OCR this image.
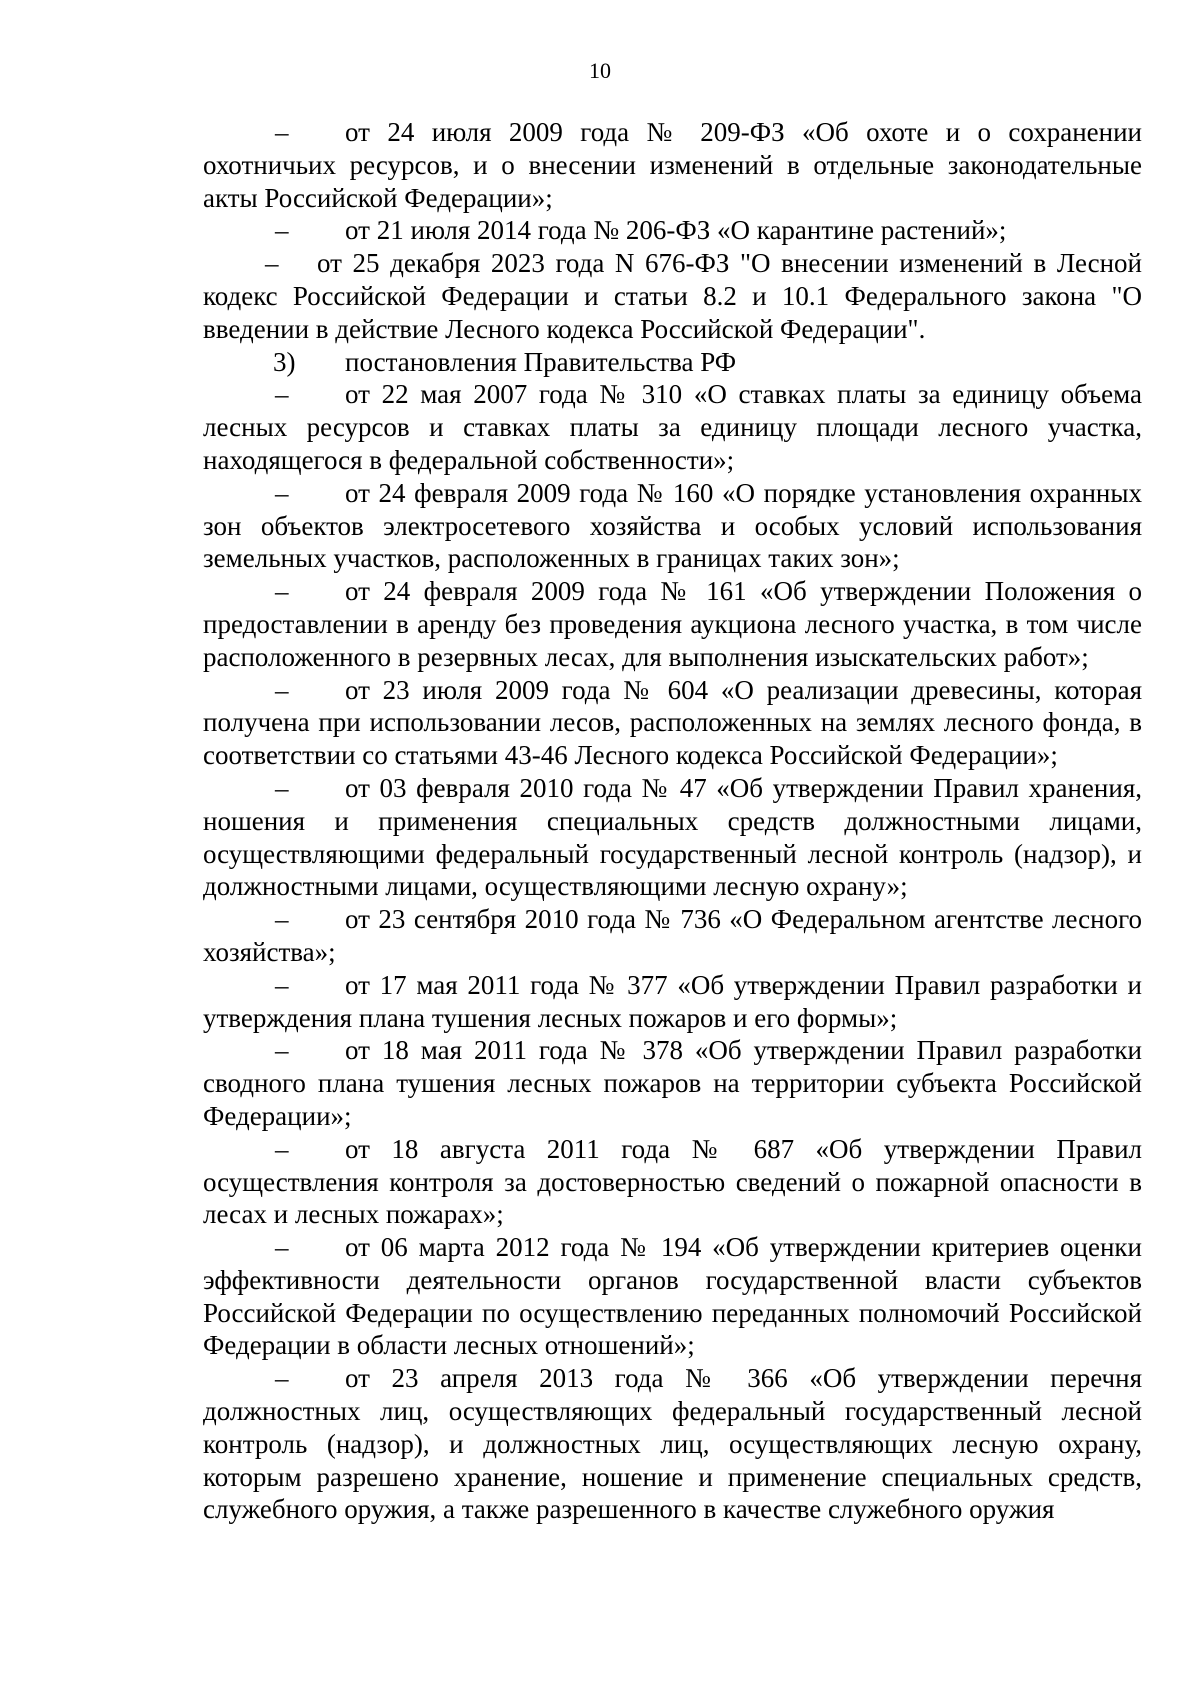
10

–	от 24 июля 2009 года № 209-ФЗ «Об охоте и о сохранении охотничьих ресурсов, и о внесении изменений в отдельные законодательные акты Российской Федерации»;

–	от 21 июля 2014 года № 206-ФЗ «О карантине растений»;

–	от 25 декабря 2023 года N 676-ФЗ "О внесении изменений в Лесной кодекс Российской Федерации и статьи 8.2 и 10.1 Федерального закона "О введении в действие Лесного кодекса Российской Федерации".

3) постановления Правительства РФ

–	от 22 мая 2007 года № 310 «О ставках платы за единицу объема лесных ресурсов и ставках платы за единицу площади лесного участка, находящегося в федеральной собственности»;

–	от 24 февраля 2009 года № 160 «О порядке установления охранных зон объектов электросетевого хозяйства и особых условий использования земельных участков, расположенных в границах таких зон»;

–	от 24 февраля 2009 года № 161 «Об утверждении Положения о предоставлении в аренду без проведения аукциона лесного участка, в том числе расположенного в резервных лесах, для выполнения изыскательских работ»;

–	от 23 июля 2009 года № 604 «О реализации древесины, которая получена при использовании лесов, расположенных на землях лесного фонда, в соответствии со статьями 43-46 Лесного кодекса Российской Федерации»;

–	от 03 февраля 2010 года № 47 «Об утверждении Правил хранения, ношения и применения специальных средств должностными лицами, осуществляющими федеральный государственный лесной контроль (надзор), и должностными лицами, осуществляющими лесную охрану»;

–	от 23 сентября 2010 года № 736 «О Федеральном агентстве лесного хозяйства»;

–	от 17 мая 2011 года № 377 «Об утверждении Правил разработки и утверждения плана тушения лесных пожаров и его формы»;

–	от 18 мая 2011 года № 378 «Об утверждении Правил разработки сводного плана тушения лесных пожаров на территории субъекта Российской Федерации»;

–	от 18 августа 2011 года № 687 «Об утверждении Правил осуществления контроля за достоверностью сведений о пожарной опасности в лесах и лесных пожарах»;

–	от 06 марта 2012 года № 194 «Об утверждении критериев оценки эффективности деятельности органов государственной власти субъектов Российской Федерации по осуществлению переданных полномочий Российской Федерации в области лесных отношений»;

–	от 23 апреля 2013 года № 366 «Об утверждении перечня должностных лиц, осуществляющих федеральный государственный лесной контроль (надзор), и должностных лиц, осуществляющих лесную охрану, которым разрешено хранение, ношение и применение специальных средств, служебного оружия, а также разрешенного в качестве служебного оружия
